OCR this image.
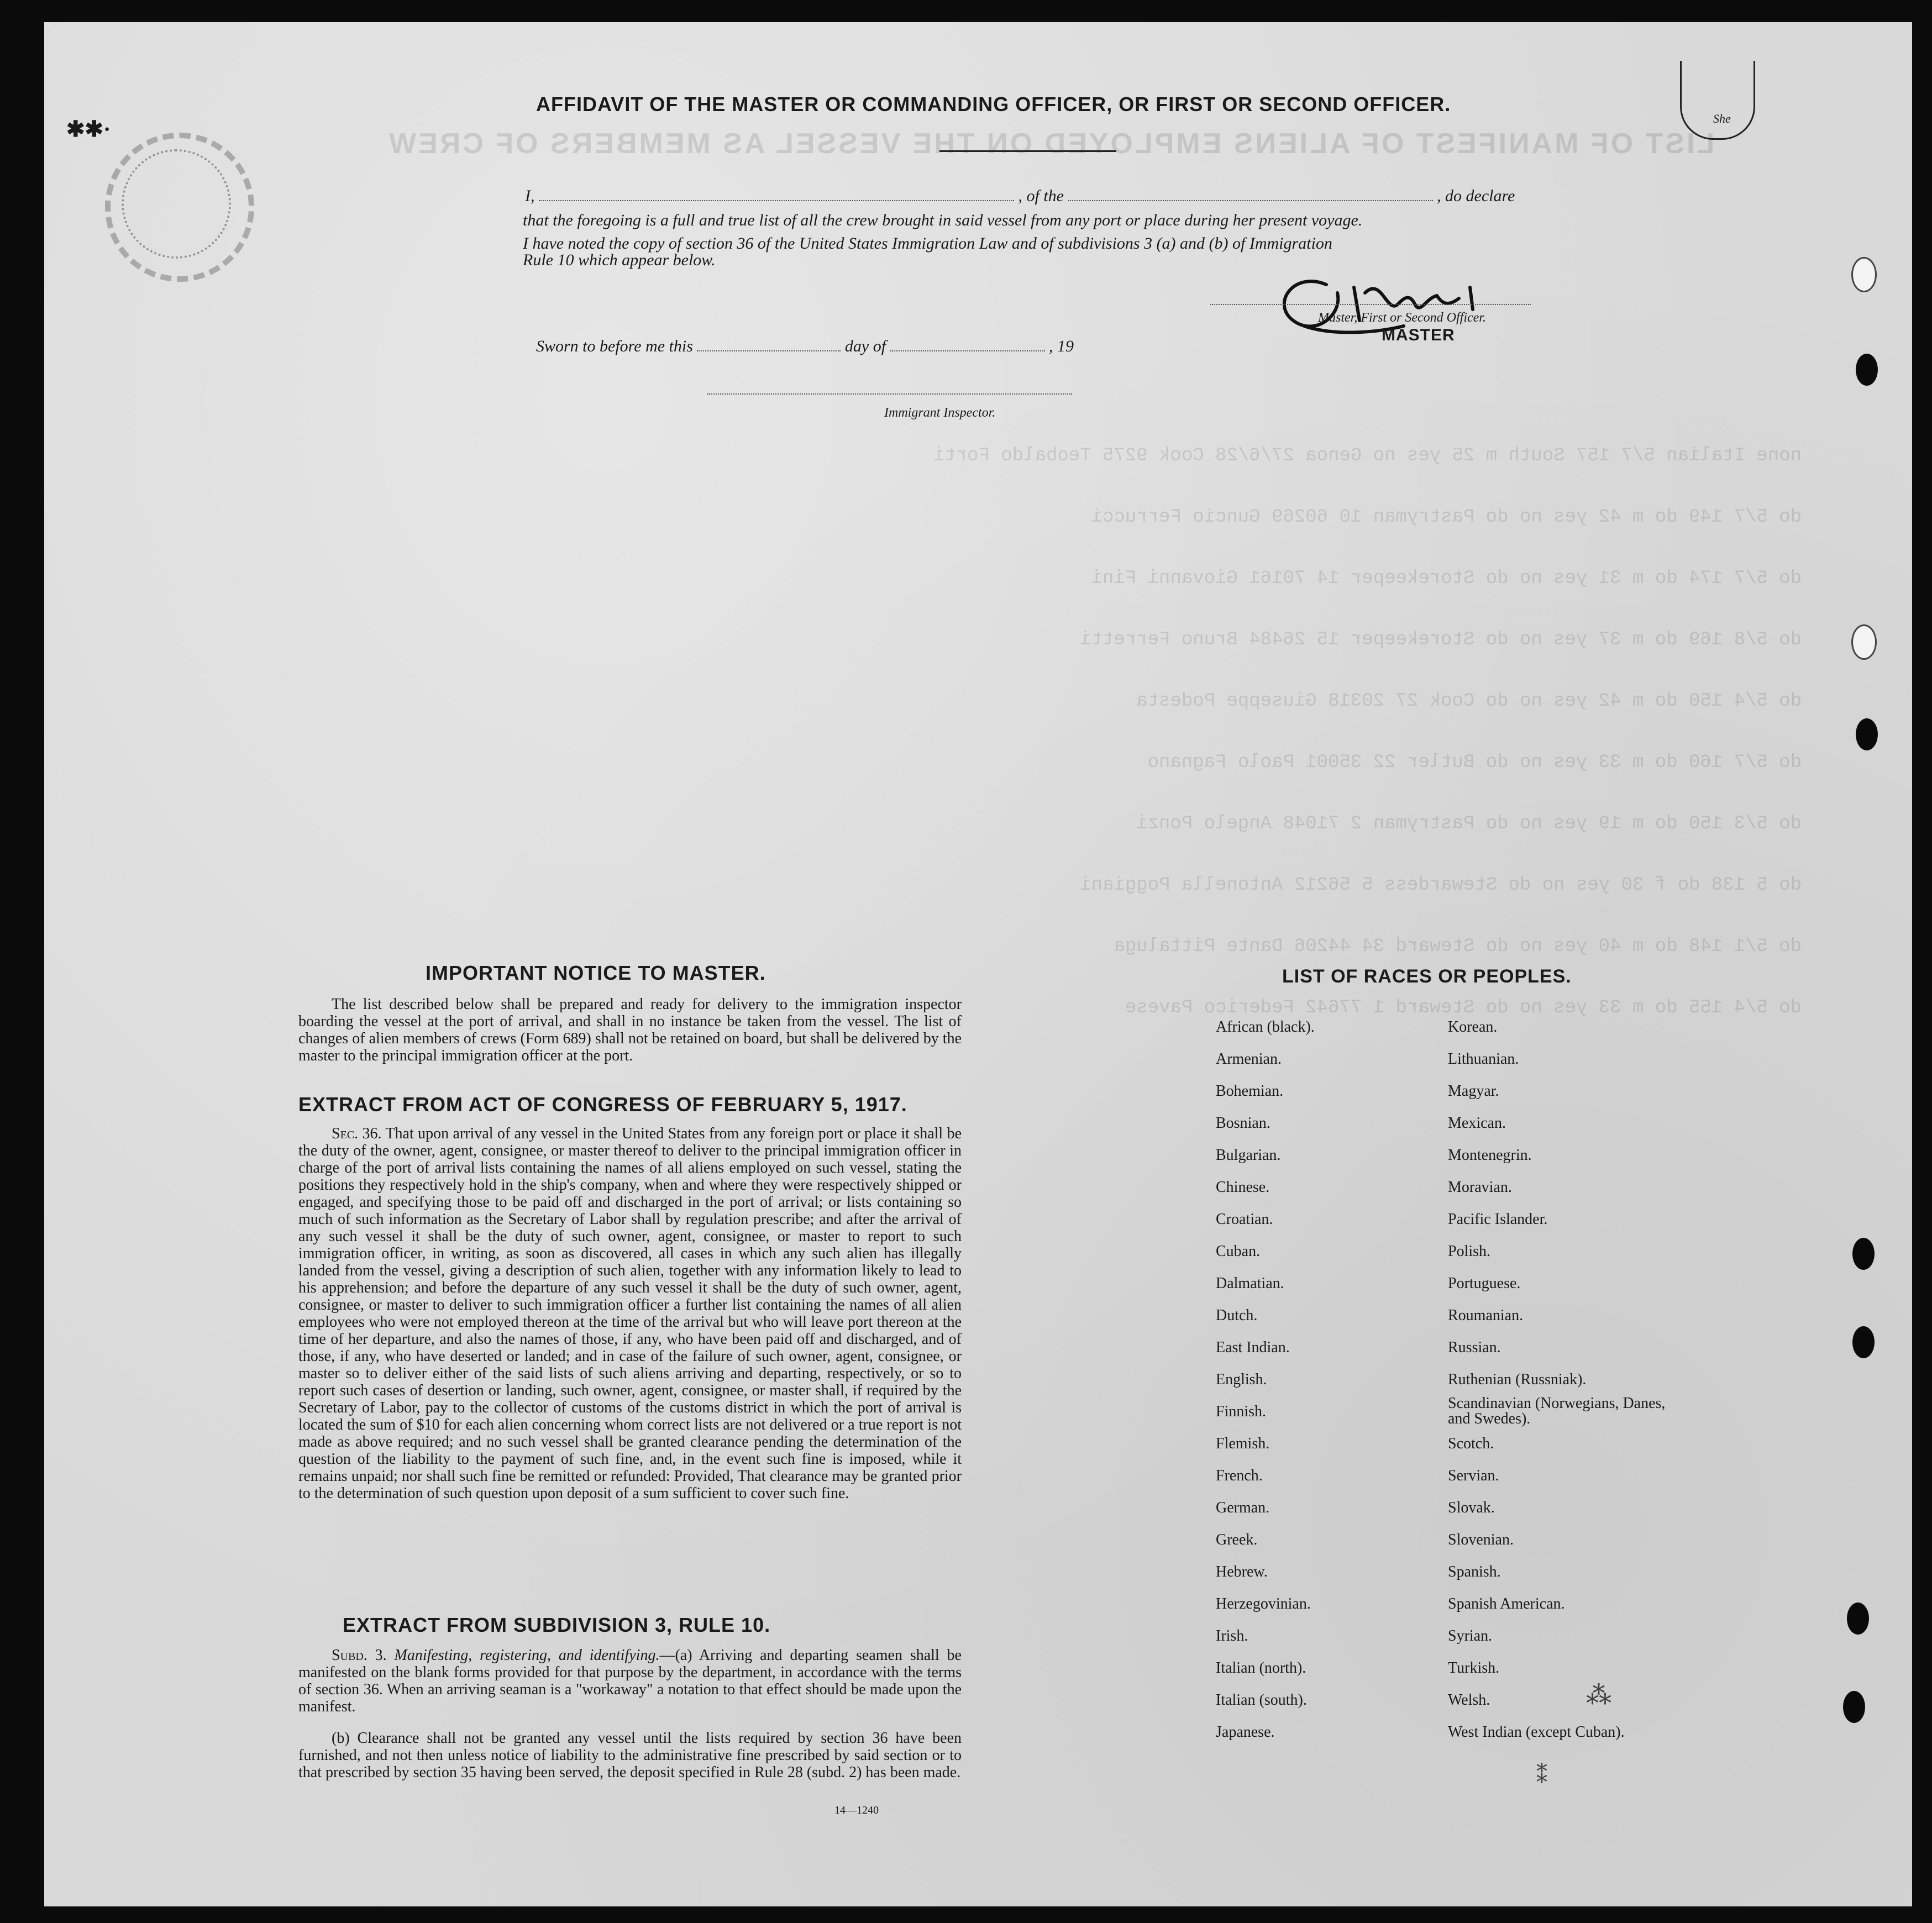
LIST OF MANIFEST OF ALIENS EMPLOYED ON THE VESSEL AS MEMBERS OF CREW
none Italian 5/7 157 South m 25 yes no Genoa 27/6/28 Cook 9275 Teobaldo Forti
do 5/7 149 do m 42 yes no do Pastryman 10 60269 Guncio Ferrucci
do 5/7 174 do m 31 yes no do Storekeeper 14 70161 Giovanni Fini
do 5/8 169 do m 37 yes no do Storekeeper 15 26484 Bruno Ferretti
do 5/4 150 do m 42 yes no do Cook 27 20318 Giuseppe Podesta
do 5/7 160 do m 33 yes no do Butler 22 35001 Paolo Fagnano
do 5/3 150 do m 19 yes no do Pastryman 2 71048 Angelo Ponzi
do 5 138 do f 30 yes no do Stewardess 5 56212 Antonella Poggiani
do 5/1 148 do m 40 yes no do Steward 34 44206 Dante Pittaluga
do 5/4 155 do m 33 yes no do Steward 1 77642 Federico Pavese
✱✱·	She
AFFIDAVIT OF THE MASTER OR COMMANDING OFFICER, OR FIRST OR SECOND OFFICER.
I,	, of the	, do declare
that the foregoing is a full and true list of all the crew brought in said vessel from any port or place during her present voyage.
I have noted the copy of section 36 of the United States Immigration Law and of subdivisions 3 (a) and (b) of Immigration
Rule 10 which appear below.
Master, First or Second Officer.
MASTER
Sworn to before me this	day of	, 19
Immigrant Inspector.
IMPORTANT NOTICE TO MASTER.
The list described below shall be prepared and ready for delivery to the immigration inspector boarding the vessel at the port of arrival, and shall in no instance be taken from the vessel. The list of changes of alien members of crews (Form 689) shall not be retained on board, but shall be delivered by the master to the principal immigration officer at the port.
EXTRACT FROM ACT OF CONGRESS OF FEBRUARY 5, 1917.
Sec. 36. That upon arrival of any vessel in the United States from any foreign port or place it shall be the duty of the owner, agent, consignee, or master thereof to deliver to the principal immigration officer in charge of the port of arrival lists containing the names of all aliens employed on such vessel, stating the positions they respectively hold in the ship's company, when and where they were respectively shipped or engaged, and specifying those to be paid off and discharged in the port of arrival; or lists containing so much of such information as the Secretary of Labor shall by regulation prescribe; and after the arrival of any such vessel it shall be the duty of such owner, agent, consignee, or master to report to such immigration officer, in writing, as soon as discovered, all cases in which any such alien has illegally landed from the vessel, giving a description of such alien, together with any information likely to lead to his apprehension; and before the departure of any such vessel it shall be the duty of such owner, agent, consignee, or master to deliver to such immigration officer a further list containing the names of all alien employees who were not employed thereon at the time of the arrival but who will leave port thereon at the time of her departure, and also the names of those, if any, who have been paid off and discharged, and of those, if any, who have deserted or landed; and in case of the failure of such owner, agent, consignee, or master so to deliver either of the said lists of such aliens arriving and departing, respectively, or so to report such cases of desertion or landing, such owner, agent, consignee, or master shall, if required by the Secretary of Labor, pay to the collector of customs of the customs district in which the port of arrival is located the sum of $10 for each alien concerning whom correct lists are not delivered or a true report is not made as above required; and no such vessel shall be granted clearance pending the determination of the question of the liability to the payment of such fine, and, in the event such fine is imposed, while it remains unpaid; nor shall such fine be remitted or refunded: Provided, That clearance may be granted prior to the determination of such question upon deposit of a sum sufficient to cover such fine.
EXTRACT FROM SUBDIVISION 3, RULE 10.
Subd. 3. Manifesting, registering, and identifying.—(a) Arriving and departing seamen shall be manifested on the blank forms provided for that purpose by the department, in accordance with the terms of section 36. When an arriving seaman is a "workaway" a notation to that effect should be made upon the manifest.
(b) Clearance shall not be granted any vessel until the lists required by section 36 have been furnished, and not then unless notice of liability to the administrative fine prescribed by said section or to that prescribed by section 35 having been served, the deposit specified in Rule 28 (subd. 2) has been made.
14—1240
LIST OF RACES OR PEOPLES.
African (black).
Armenian.
Bohemian.
Bosnian.
Bulgarian.
Chinese.
Croatian.
Cuban.
Dalmatian.
Dutch.
East Indian.
English.
Finnish.
Flemish.
French.
German.
Greek.
Hebrew.
Herzegovinian.
Irish.
Italian (north).
Italian (south).
Japanese.
Korean.
Lithuanian.
Magyar.
Mexican.
Montenegrin.
Moravian.
Pacific Islander.
Polish.
Portuguese.
Roumanian.
Russian.
Ruthenian (Russniak).
Scandinavian (Norwegians, Danes, and Swedes).
Scotch.
Servian.
Slovak.
Slovenian.
Spanish.
Spanish American.
Syrian.
Turkish.
Welsh.
West Indian (except Cuban).
⁂
⁑
